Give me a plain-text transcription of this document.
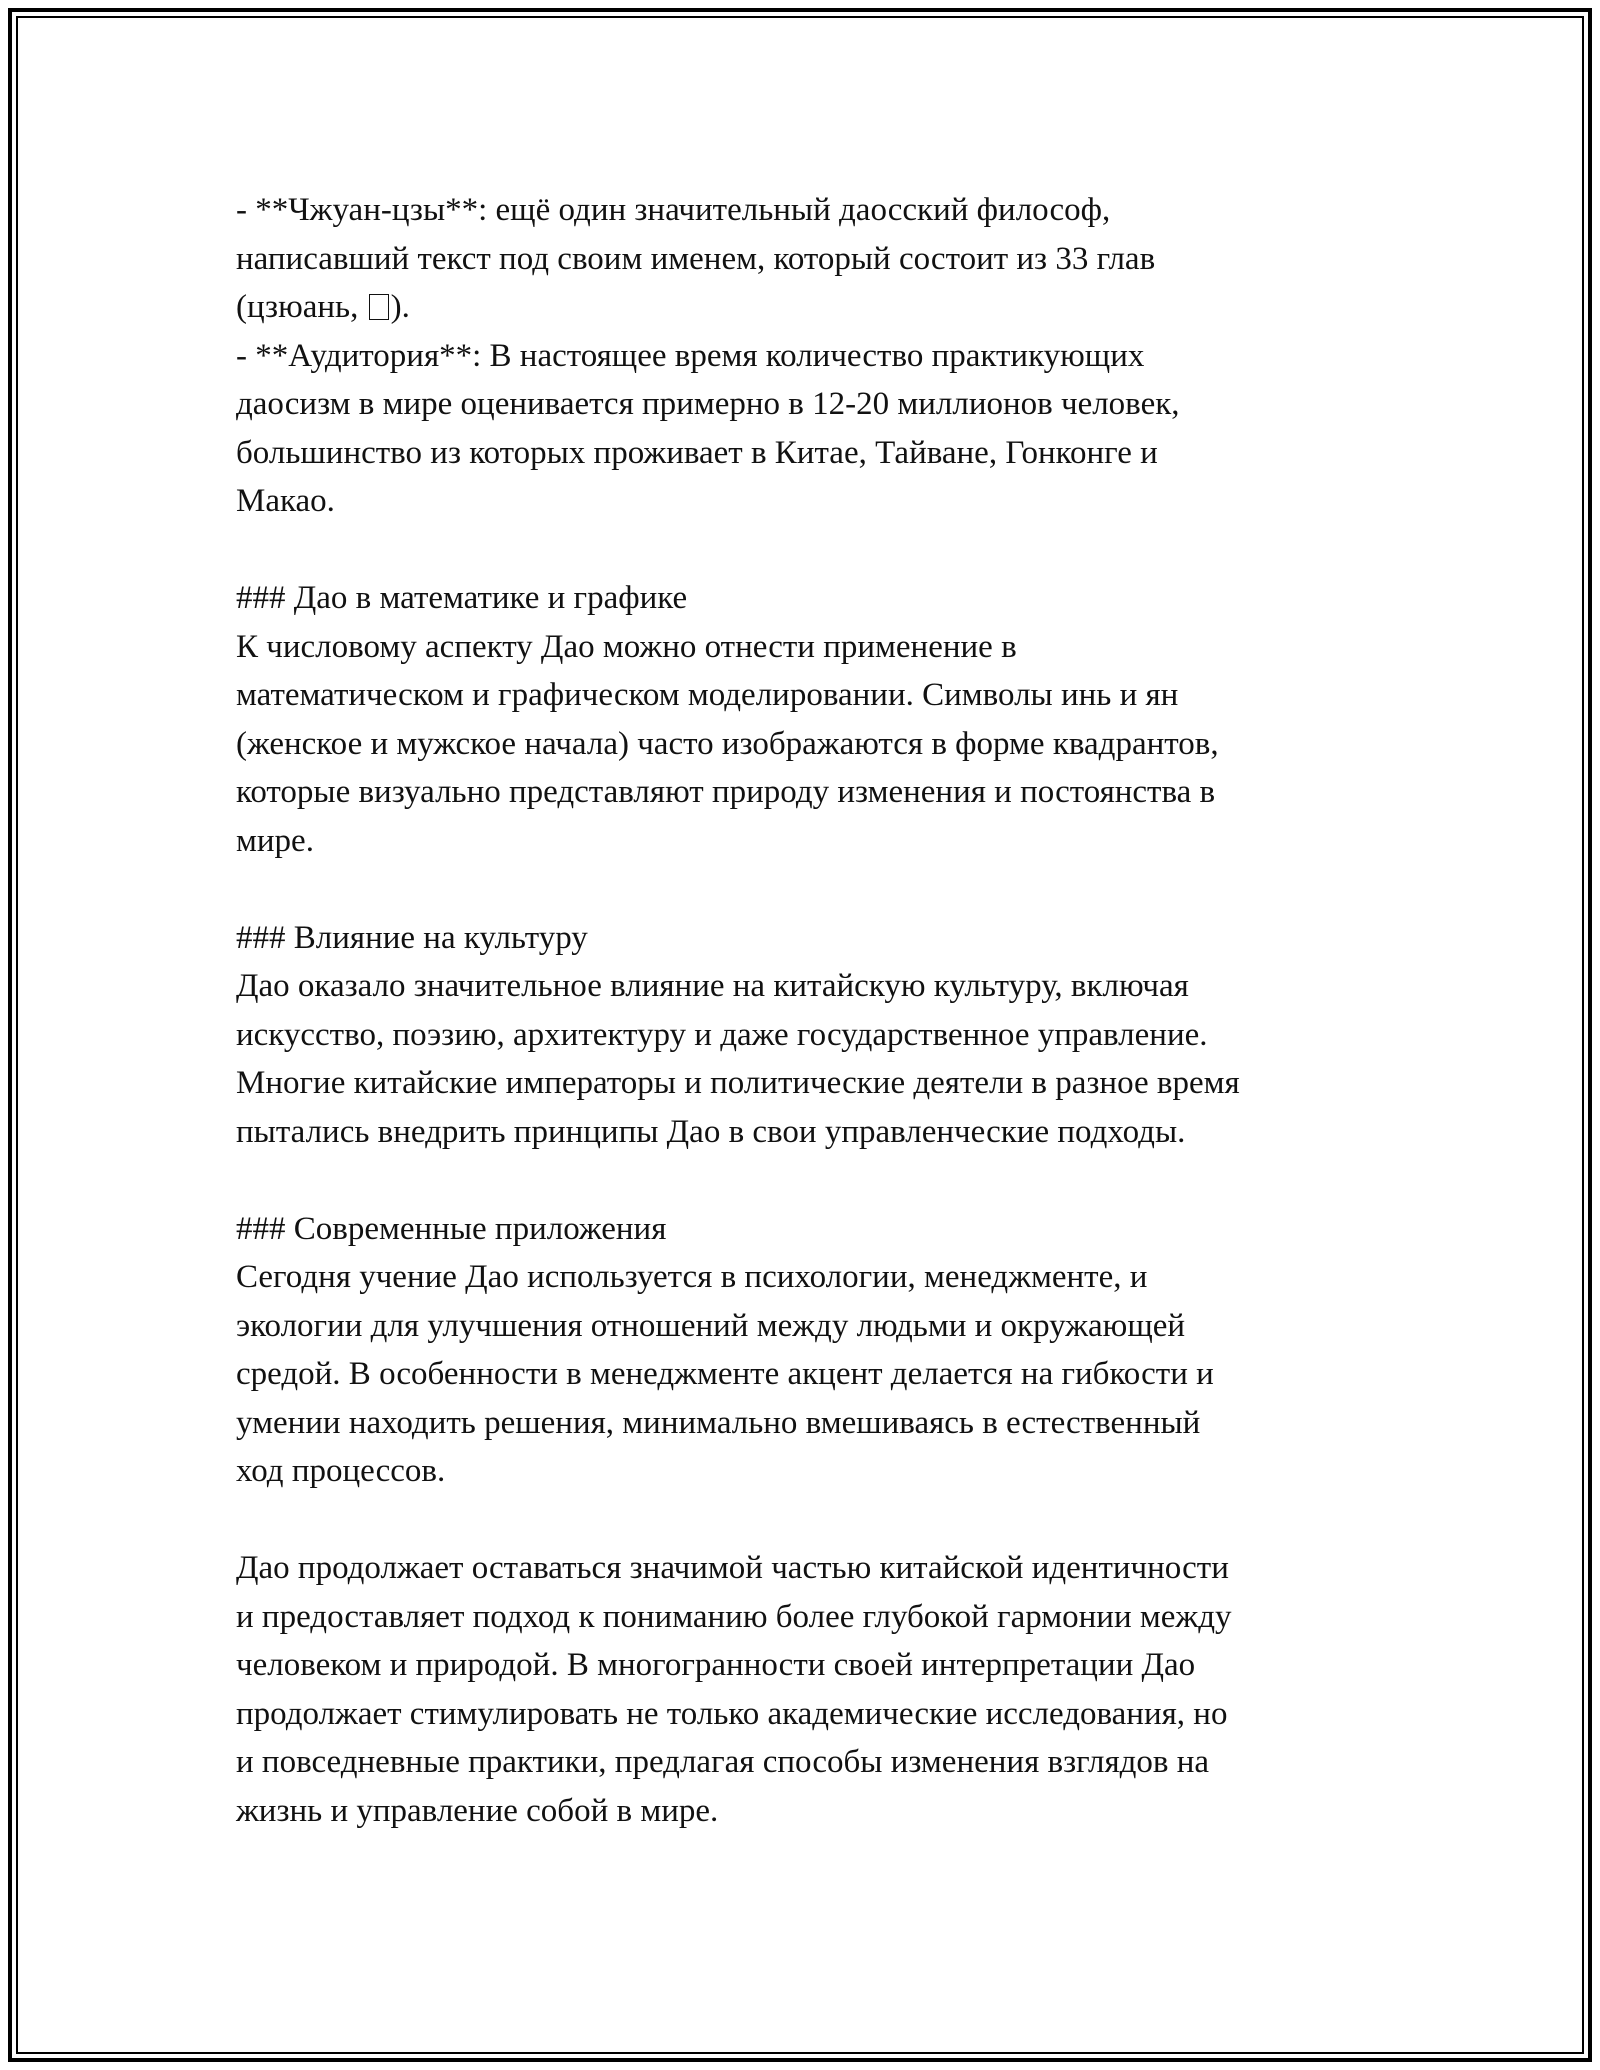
- **Чжуан-цзы**: ещё один значительный даосский философ,
написавший текст под своим именем, который состоит из 33 глав
(цзюань, ).

- **Аудитория**: В настоящее время количество практикующих
даосизм в мире оценивается примерно в 12-20 миллионов человек,
большинство из которых проживает в Китае, Тайване, Гонконге и
Макао.

### Дао в математике и графике

К числовому аспекту Дао можно отнести применение в
математическом и графическом моделировании. Символы инь и ян
(женское и мужское начала) часто изображаются в форме квадрантов,
которые визуально представляют природу изменения и постоянства в
мире.

### Влияние на культуру

Дао оказало значительное влияние на китайскую культуру, включая
искусство, поэзию, архитектуру и даже государственное управление.
Многие китайские императоры и политические деятели в разное время
пытались внедрить принципы Дао в свои управленческие подходы.

### Современные приложения

Сегодня учение Дао используется в психологии, менеджменте, и
экологии для улучшения отношений между людьми и окружающей
средой. В особенности в менеджменте акцент делается на гибкости и
умении находить решения, минимально вмешиваясь в естественный
ход процессов.

Дао продолжает оставаться значимой частью китайской идентичности
и предоставляет подход к пониманию более глубокой гармонии между
человеком и природой. В многогранности своей интерпретации Дао
продолжает стимулировать не только академические исследования, но
и повседневные практики, предлагая способы изменения взглядов на
жизнь и управление собой в мире.
